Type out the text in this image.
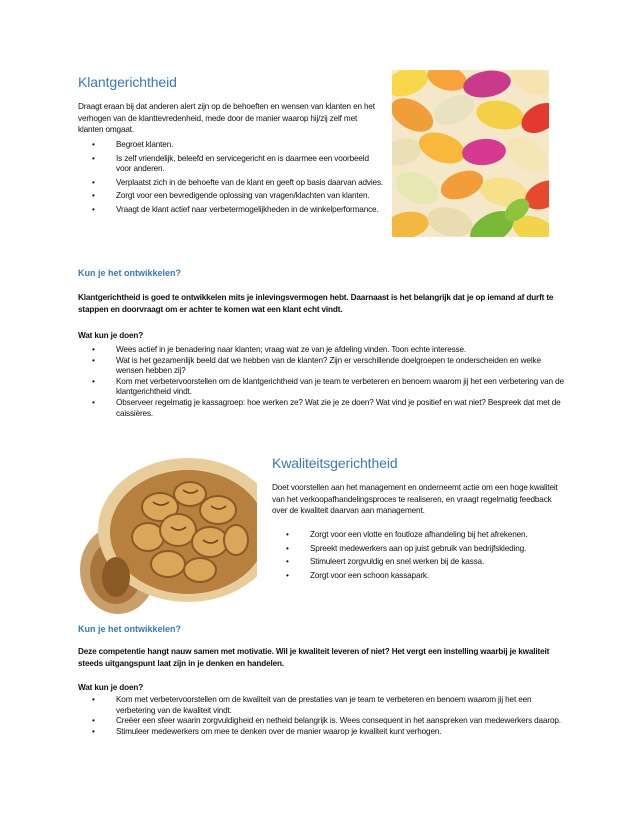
Klantgerichtheid
Draagt eraan bij dat anderen alert zijn op de behoeften en wensen van klanten en het verhogen van de klanttevredenheid, mede door de manier waarop hij/zij zelf met klanten omgaat.
• Begroet klanten.
• Is zelf vriendelijk, beleefd en servicegericht en is daarmee een voorbeeld voor anderen.
• Verplaatst zich in de behoefte van de klant en geeft op basis daarvan advies.
• Zorgt voor een bevredigende oplossing van vragen/klachten van klanten.
• Vraagt de klant actief naar verbetermogelijkheden in de winkelperformance.
Kun je het ontwikkelen?
Klantgerichtheid is goed te ontwikkelen mits je inlevingsvermogen hebt. Daarnaast is het belangrijk dat je op iemand af durft te stappen en doorvraagt om er achter te komen wat een klant echt vindt.
Wat kun je doen?
• Wees actief in je benadering naar klanten; vraag wat ze van je afdeling vinden. Toon echte interesse.
• Wat is het gezamenlijk beeld dat we hebben van de klanten? Zijn er verschillende doelgroepen te onderscheiden en welke wensen hebben zij?
• Kom met verbetervoorstellen om de klantgerichtheid van je team te verbeteren en benoem waarom jij het een verbetering van de klantgerichtheid vindt.
• Observeer regelmatig je kassagroep: hoe werken ze? Wat zie je ze doen? Wat vind je positief en wat niet? Bespreek dat met de caissières.
Kwaliteitsgerichtheid
Doet voorstellen aan het management en onderneemt actie om een hoge kwaliteit van het verkoopafhandelingsproces te realiseren, en vraagt regelmatig feedback over de kwaliteit daarvan aan management.
• Zorgt voor een vlotte en foutloze afhandeling bij het afrekenen.
• Spreekt medewerkers aan op juist gebruik van bedrijfskleding.
• Stimuleert zorgvuldig en snel werken bij de kassa.
• Zorgt voor een schoon kassapark.
Kun je het ontwikkelen?
Deze competentie hangt nauw samen met motivatie. Wil je kwaliteit leveren of niet? Het vergt een instelling waarbij je kwaliteit steeds uitgangspunt laat zijn in je denken en handelen.
Wat kun je doen?
• Kom met verbetervoorstellen om de kwaliteit van de prestaties van je team te verbeteren en benoem waarom jij het een verbetering van de kwaliteit vindt.
• Creëer een sfeer waarin zorgvuldigheid en netheid belangrijk is. Wees consequent in het aanspreken van medewerkers daarop.
• Stimuleer medewerkers om mee te denken over de manier waarop je kwaliteit kunt verhogen.
